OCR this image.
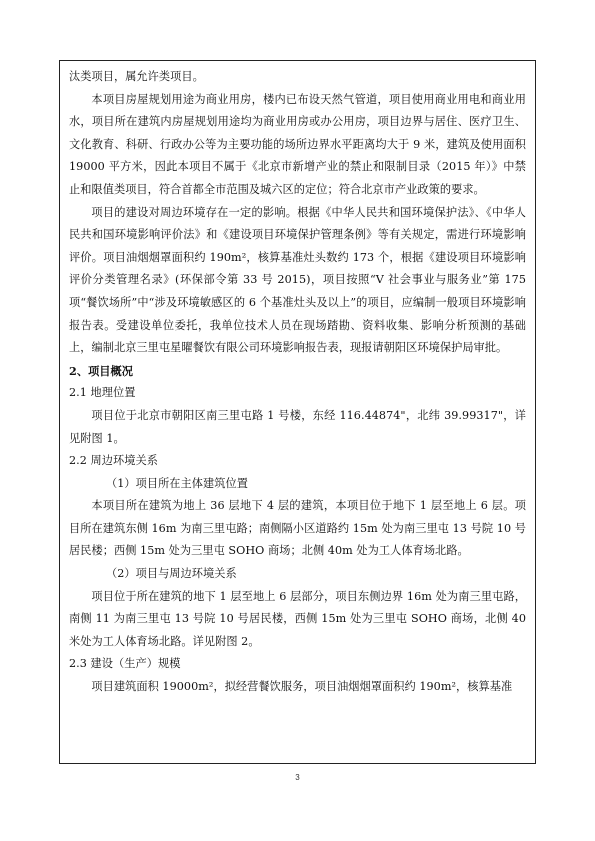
汰类项目，属允许类项目。

本项目房屋规划用途为商业用房，楼内已布设天然气管道，项目使用商业用电和商业用水，项目所在建筑内房屋规划用途均为商业用房或办公用房，项目边界与居住、医疗卫生、文化教育、科研、行政办公等为主要功能的场所边界水平距离均大于 9 米，建筑及使用面积 19000 平方米，因此本项目不属于《北京市新增产业的禁止和限制目录（2015 年）》中禁止和限值类项目，符合首都全市范围及城六区的定位；符合北京市产业政策的要求。

项目的建设对周边环境存在一定的影响。根据《中华人民共和国环境保护法》、《中华人民共和国环境影响评价法》和《建设项目环境保护管理条例》等有关规定，需进行环境影响评价。项目油烟烟罩面积约 190m²，核算基准灶头数约 173 个，根据《建设项目环境影响评价分类管理名录》(环保部令第 33 号 2015)，项目按照“V 社会事业与服务业”第 175 项“餐饮场所”中“涉及环境敏感区的 6 个基准灶头及以上”的项目，应编制一般项目环境影响报告表。受建设单位委托，我单位技术人员在现场踏勘、资料收集、影响分析预测的基础上，编制北京三里屯星曜餐饮有限公司环境影响报告表，现报请朝阳区环境保护局审批。

2、项目概况

2.1 地理位置

项目位于北京市朝阳区南三里屯路 1 号楼，东经 116.44874"，北纬 39.99317"，详见附图 1。

2.2 周边环境关系

（1）项目所在主体建筑位置

本项目所在建筑为地上 36 层地下 4 层的建筑，本项目位于地下 1 层至地上 6 层。项目所在建筑东侧 16m 为南三里屯路；南侧隔小区道路约 15m 处为南三里屯 13 号院 10 号居民楼；西侧 15m 处为三里屯 SOHO 商场；北侧 40m 处为工人体育场北路。

（2）项目与周边环境关系

项目位于所在建筑的地下 1 层至地上 6 层部分，项目东侧边界 16m 处为南三里屯路，南侧 11 为南三里屯 13 号院 10 号居民楼，西侧 15m 处为三里屯 SOHO 商场，北侧 40 米处为工人体育场北路。详见附图 2。

2.3 建设（生产）规模

项目建筑面积 19000m²，拟经营餐饮服务，项目油烟烟罩面积约 190m²，核算基准

3
